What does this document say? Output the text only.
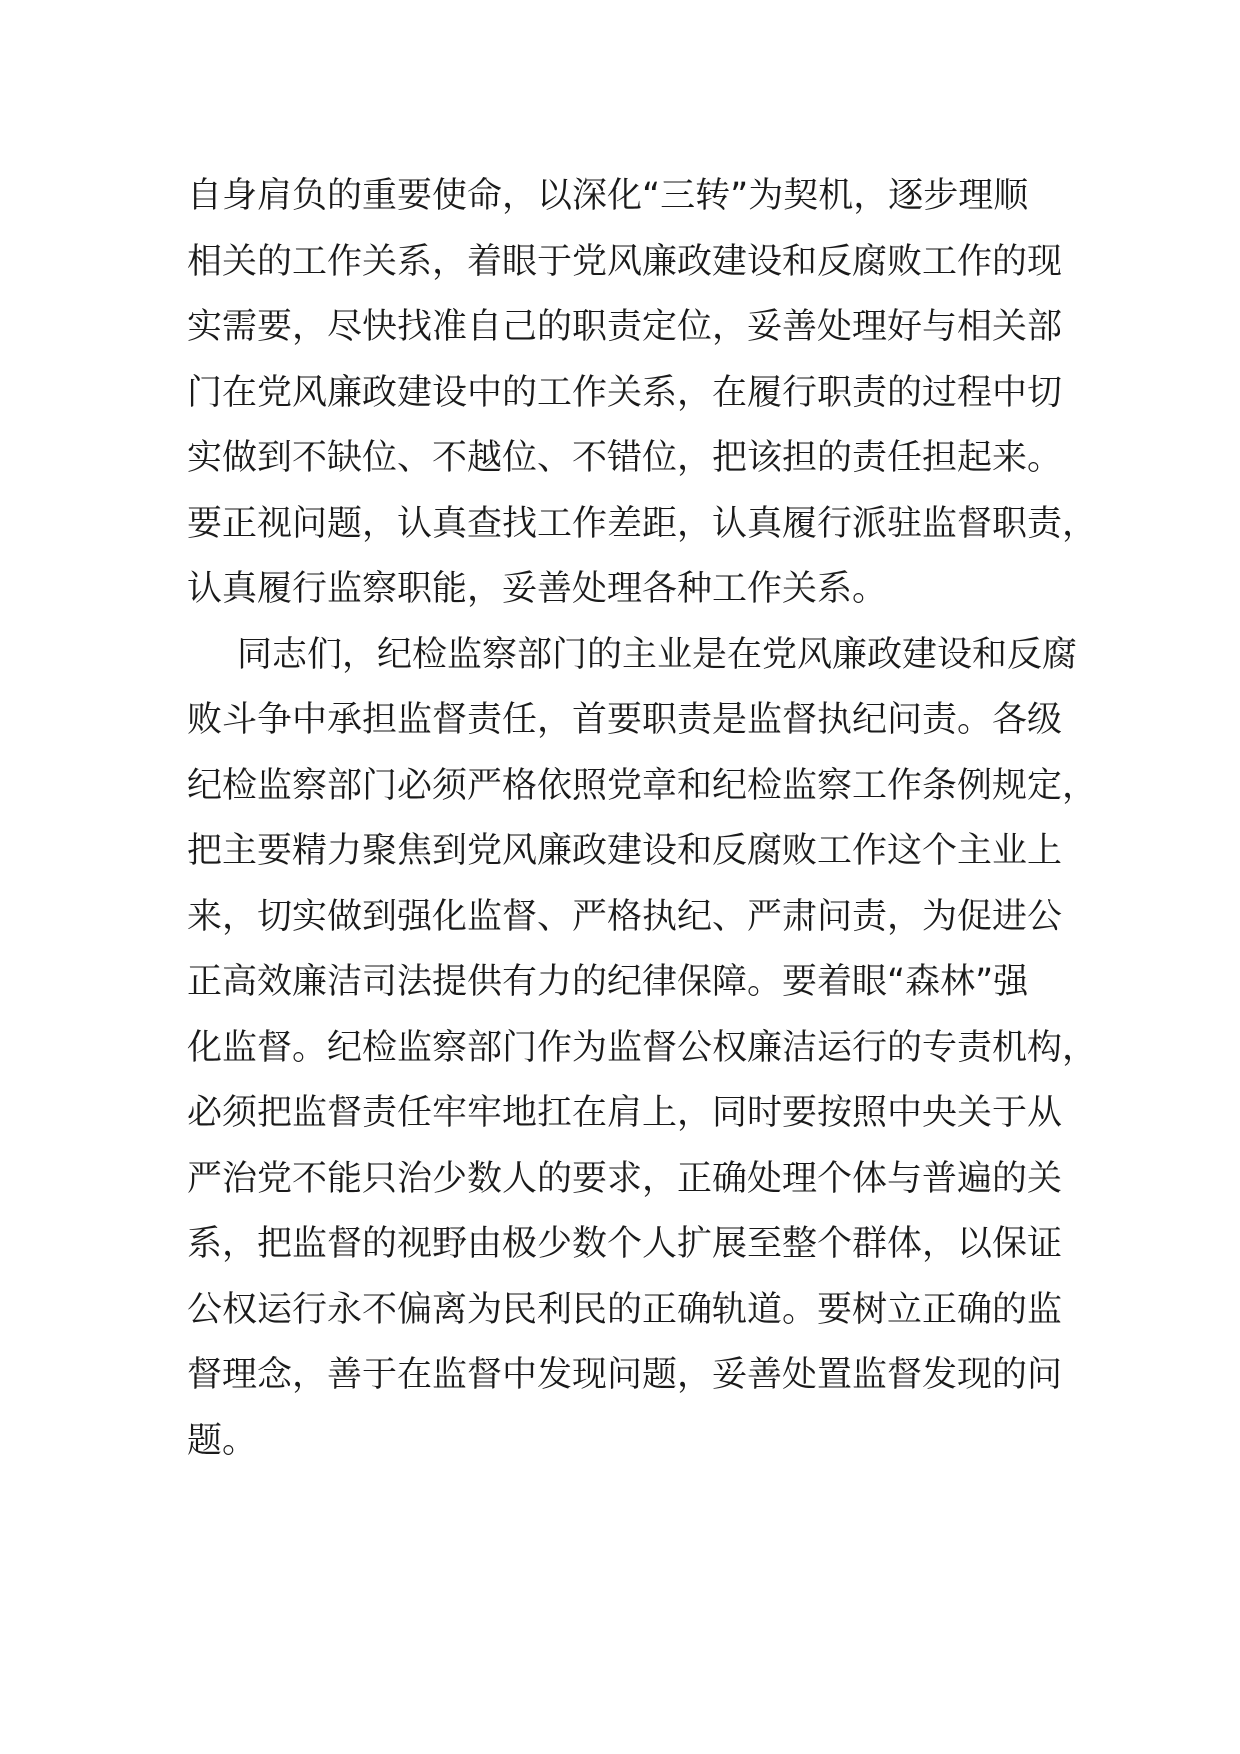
自身肩负的重要使命，以深化“三转”为契机，逐步理顺
相关的工作关系，着眼于党风廉政建设和反腐败工作的现
实需要，尽快找准自己的职责定位，妥善处理好与相关部
门在党风廉政建设中的工作关系，在履行职责的过程中切
实做到不缺位、不越位、不错位，把该担的责任担起来。
要正视问题，认真查找工作差距，认真履行派驻监督职责，
认真履行监察职能，妥善处理各种工作关系。
同志们，纪检监察部门的主业是在党风廉政建设和反腐
败斗争中承担监督责任，首要职责是监督执纪问责。各级
纪检监察部门必须严格依照党章和纪检监察工作条例规定，
把主要精力聚焦到党风廉政建设和反腐败工作这个主业上
来，切实做到强化监督、严格执纪、严肃问责，为促进公
正高效廉洁司法提供有力的纪律保障。要着眼“森林”强
化监督。纪检监察部门作为监督公权廉洁运行的专责机构，
必须把监督责任牢牢地扛在肩上，同时要按照中央关于从
严治党不能只治少数人的要求，正确处理个体与普遍的关
系，把监督的视野由极少数个人扩展至整个群体，以保证
公权运行永不偏离为民利民的正确轨道。要树立正确的监
督理念，善于在监督中发现问题，妥善处置监督发现的问
题。
